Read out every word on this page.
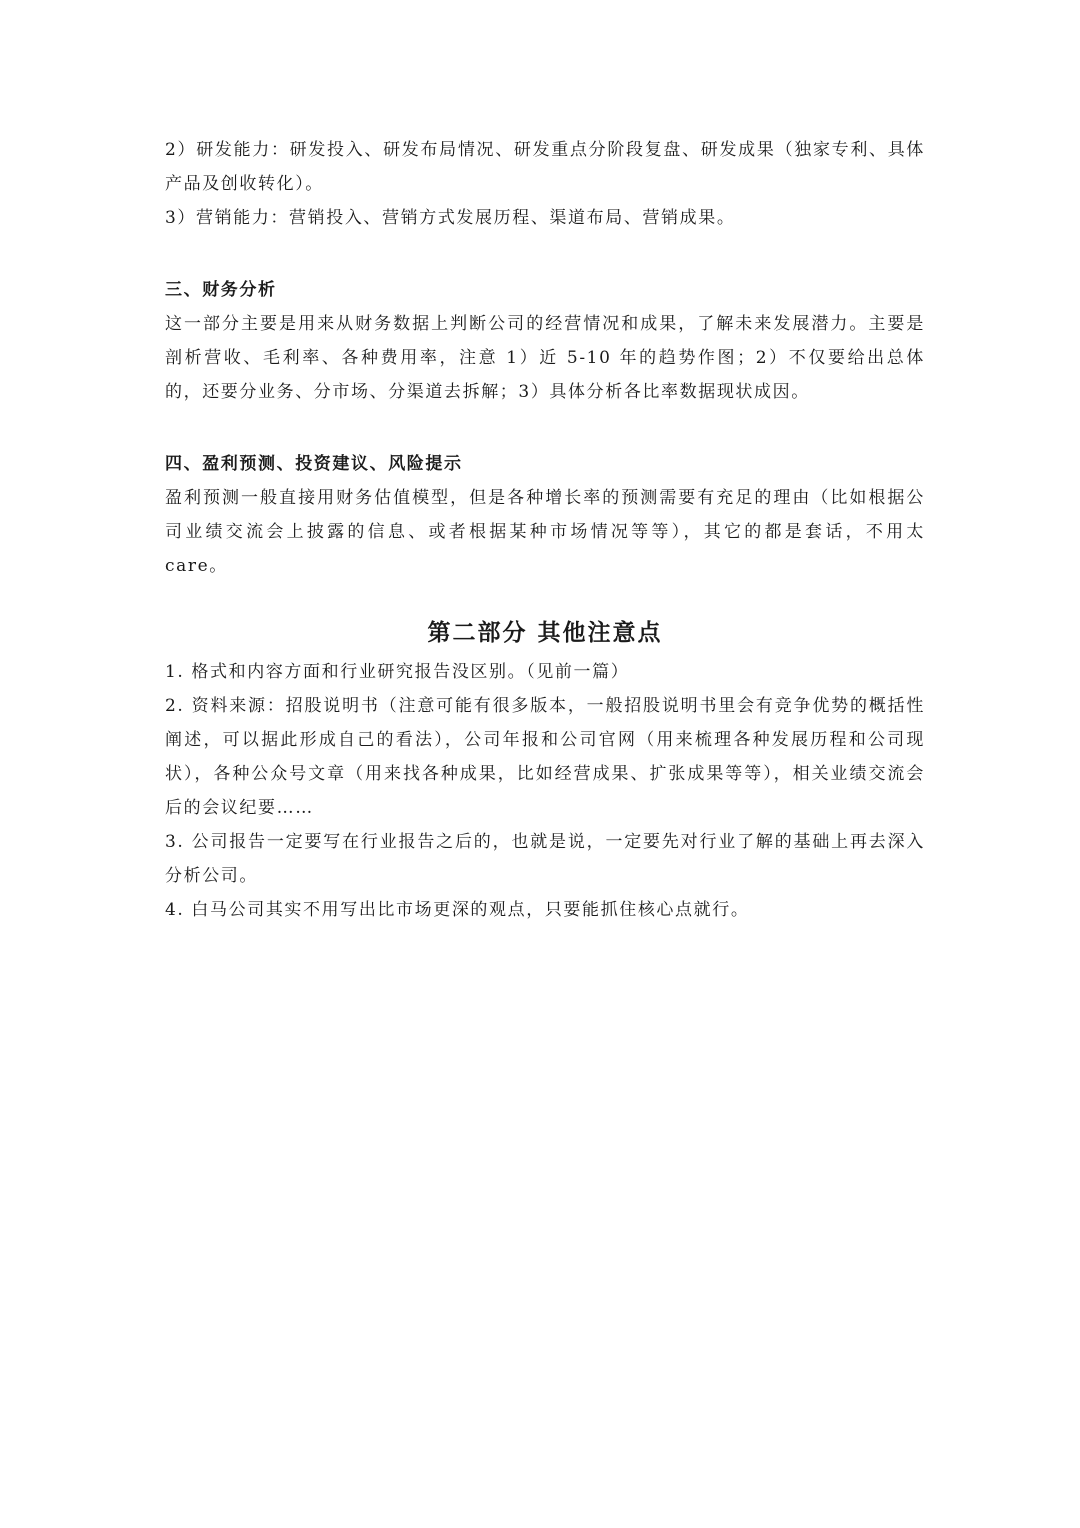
2）研发能力：研发投入、研发布局情况、研发重点分阶段复盘、研发成果（独家专利、具体产品及创收转化）。

3）营销能力：营销投入、营销方式发展历程、渠道布局、营销成果。

三、财务分析

这一部分主要是用来从财务数据上判断公司的经营情况和成果，了解未来发展潜力。主要是剖析营收、毛利率、各种费用率，注意 1）近 5-10 年的趋势作图；2）不仅要给出总体的，还要分业务、分市场、分渠道去拆解；3）具体分析各比率数据现状成因。

四、盈利预测、投资建议、风险提示

盈利预测一般直接用财务估值模型，但是各种增长率的预测需要有充足的理由（比如根据公司业绩交流会上披露的信息、或者根据某种市场情况等等），其它的都是套话，不用太 care。

第二部分 其他注意点

1. 格式和内容方面和行业研究报告没区别。（见前一篇）

2. 资料来源：招股说明书（注意可能有很多版本，一般招股说明书里会有竞争优势的概括性阐述，可以据此形成自己的看法），公司年报和公司官网（用来梳理各种发展历程和公司现状），各种公众号文章（用来找各种成果，比如经营成果、扩张成果等等），相关业绩交流会后的会议纪要……

3. 公司报告一定要写在行业报告之后的，也就是说，一定要先对行业了解的基础上再去深入分析公司。

4. 白马公司其实不用写出比市场更深的观点，只要能抓住核心点就行。
